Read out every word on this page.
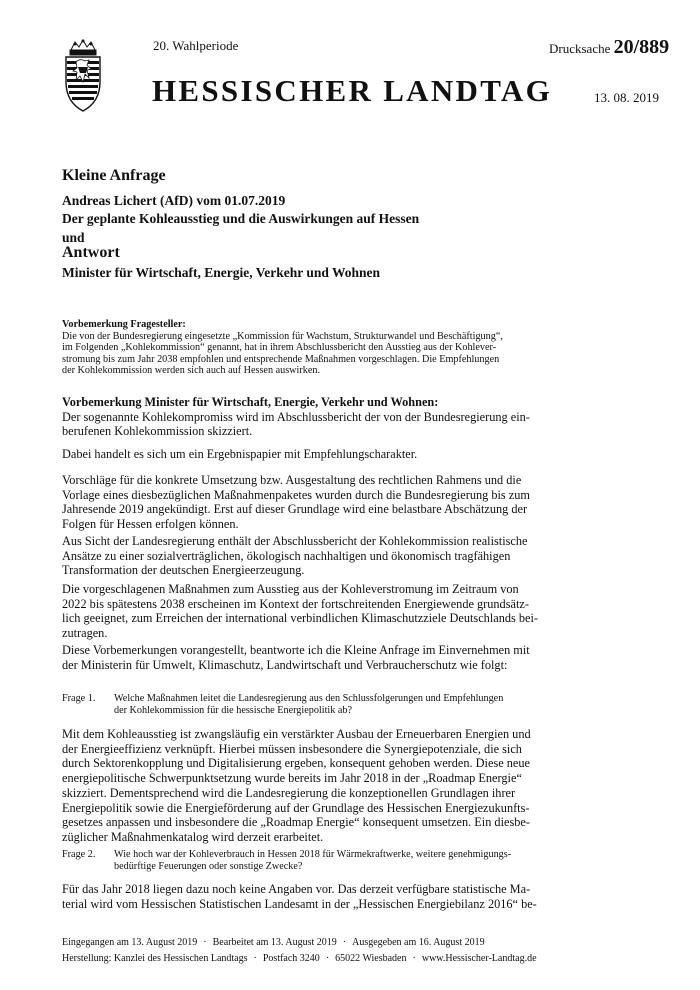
20. Wahlperiode	Drucksache 20/889
HESSISCHER LANDTAG	13. 08. 2019
Kleine Anfrage
Andreas Lichert (AfD) vom 01.07.2019
Der geplante Kohleausstieg und die Auswirkungen auf Hessen
und
Antwort
Minister für Wirtschaft, Energie, Verkehr und Wohnen
Vorbemerkung Fragesteller:
Die von der Bundesregierung eingesetzte „Kommission für Wachstum, Strukturwandel und Beschäftigung“,
im Folgenden „Kohlekommission“ genannt, hat in ihrem Abschlussbericht den Ausstieg aus der Kohlever-
stromung bis zum Jahr 2038 empfohlen und entsprechende Maßnahmen vorgeschlagen. Die Empfehlungen
der Kohlekommission werden sich auch auf Hessen auswirken.
Vorbemerkung Minister für Wirtschaft, Energie, Verkehr und Wohnen:
Der sogenannte Kohlekompromiss wird im Abschlussbericht der von der Bundesregierung ein-
berufenen Kohlekommission skizziert.
Dabei handelt es sich um ein Ergebnispapier mit Empfehlungscharakter.
Vorschläge für die konkrete Umsetzung bzw. Ausgestaltung des rechtlichen Rahmens und die
Vorlage eines diesbezüglichen Maßnahmenpaketes wurden durch die Bundesregierung bis zum
Jahresende 2019 angekündigt. Erst auf dieser Grundlage wird eine belastbare Abschätzung der
Folgen für Hessen erfolgen können.
Aus Sicht der Landesregierung enthält der Abschlussbericht der Kohlekommission realistische
Ansätze zu einer sozialverträglichen, ökologisch nachhaltigen und ökonomisch tragfähigen
Transformation der deutschen Energieerzeugung.
Die vorgeschlagenen Maßnahmen zum Ausstieg aus der Kohleverstromung im Zeitraum von
2022 bis spätestens 2038 erscheinen im Kontext der fortschreitenden Energiewende grundsätz-
lich geeignet, zum Erreichen der international verbindlichen Klimaschutzziele Deutschlands bei-
zutragen.
Diese Vorbemerkungen vorangestellt, beantworte ich die Kleine Anfrage im Einvernehmen mit
der Ministerin für Umwelt, Klimaschutz, Landwirtschaft und Verbraucherschutz wie folgt:
Frage 1. Welche Maßnahmen leitet die Landesregierung aus den Schlussfolgerungen und Empfehlungen
der Kohlekommission für die hessische Energiepolitik ab?
Mit dem Kohleausstieg ist zwangsläufig ein verstärkter Ausbau der Erneuerbaren Energien und
der Energieeffizienz verknüpft. Hierbei müssen insbesondere die Synergiepotenziale, die sich
durch Sektorenkopplung und Digitalisierung ergeben, konsequent gehoben werden. Diese neue
energiepolitische Schwerpunktsetzung wurde bereits im Jahr 2018 in der „Roadmap Energie“
skizziert. Dementsprechend wird die Landesregierung die konzeptionellen Grundlagen ihrer
Energiepolitik sowie die Energieförderung auf der Grundlage des Hessischen Energiezukunfts-
gesetzes anpassen und insbesondere die „Roadmap Energie“ konsequent umsetzen. Ein diesbe-
züglicher Maßnahmenkatalog wird derzeit erarbeitet.
Frage 2. Wie hoch war der Kohleverbrauch in Hessen 2018 für Wärmekraftwerke, weitere genehmigungs-
bedürftige Feuerungen oder sonstige Zwecke?
Für das Jahr 2018 liegen dazu noch keine Angaben vor. Das derzeit verfügbare statistische Ma-
terial wird vom Hessischen Statistischen Landesamt in der „Hessischen Energiebilanz 2016“ be-
Eingegangen am 13. August 2019 · Bearbeitet am 13. August 2019 · Ausgegeben am 16. August 2019
Herstellung: Kanzlei des Hessischen Landtags · Postfach 3240 · 65022 Wiesbaden · www.Hessischer-Landtag.de
